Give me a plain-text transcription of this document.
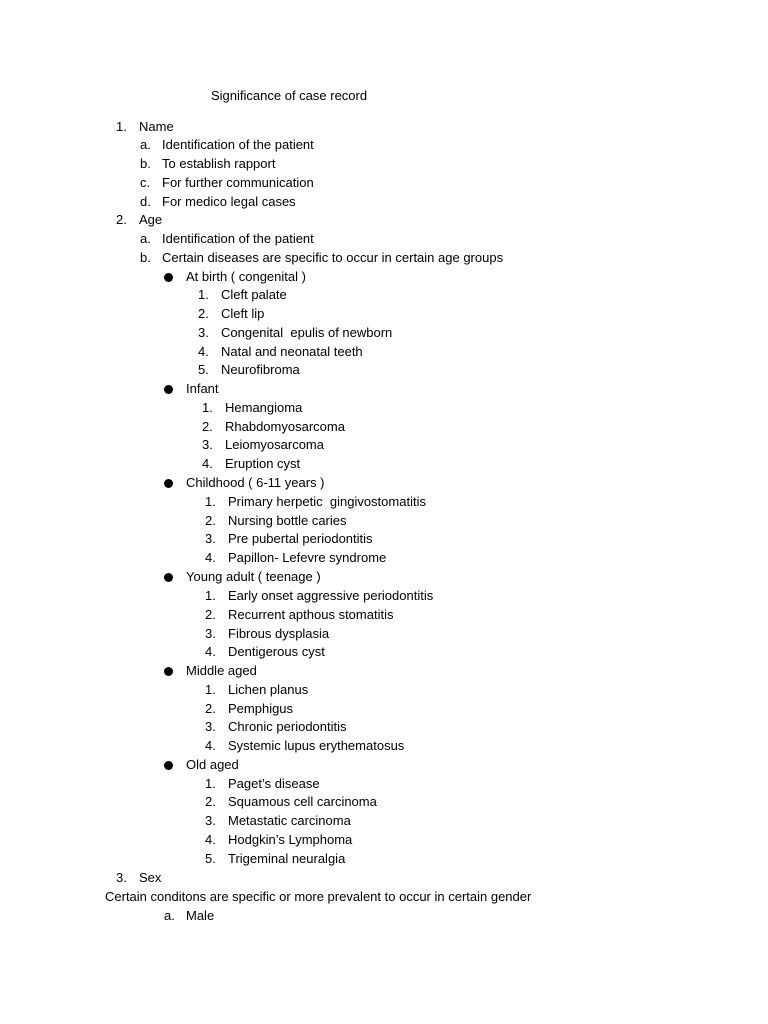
Significance of case record
1. Name
a. Identification of the patient
b. To establish rapport
c. For further communication
d. For medico legal cases
2. Age
a. Identification of the patient
b. Certain diseases are specific to occur in certain age groups
At birth ( congenital )
1. Cleft palate
2. Cleft lip
3. Congenital  epulis of newborn
4. Natal and neonatal teeth
5. Neurofibroma
Infant
1. Hemangioma
2. Rhabdomyosarcoma
3. Leiomyosarcoma
4. Eruption cyst
Childhood ( 6-11 years )
1. Primary herpetic  gingivostomatitis
2. Nursing bottle caries
3. Pre pubertal periodontitis
4. Papillon- Lefevre syndrome
Young adult ( teenage )
1. Early onset aggressive periodontitis
2. Recurrent apthous stomatitis
3. Fibrous dysplasia
4. Dentigerous cyst
Middle aged
1. Lichen planus
2. Pemphigus
3. Chronic periodontitis
4. Systemic lupus erythematosus
Old aged
1. Paget’s disease
2. Squamous cell carcinoma
3. Metastatic carcinoma
4. Hodgkin’s Lymphoma
5. Trigeminal neuralgia
3. Sex
Certain conditons are specific or more prevalent to occur in certain gender
a. Male
